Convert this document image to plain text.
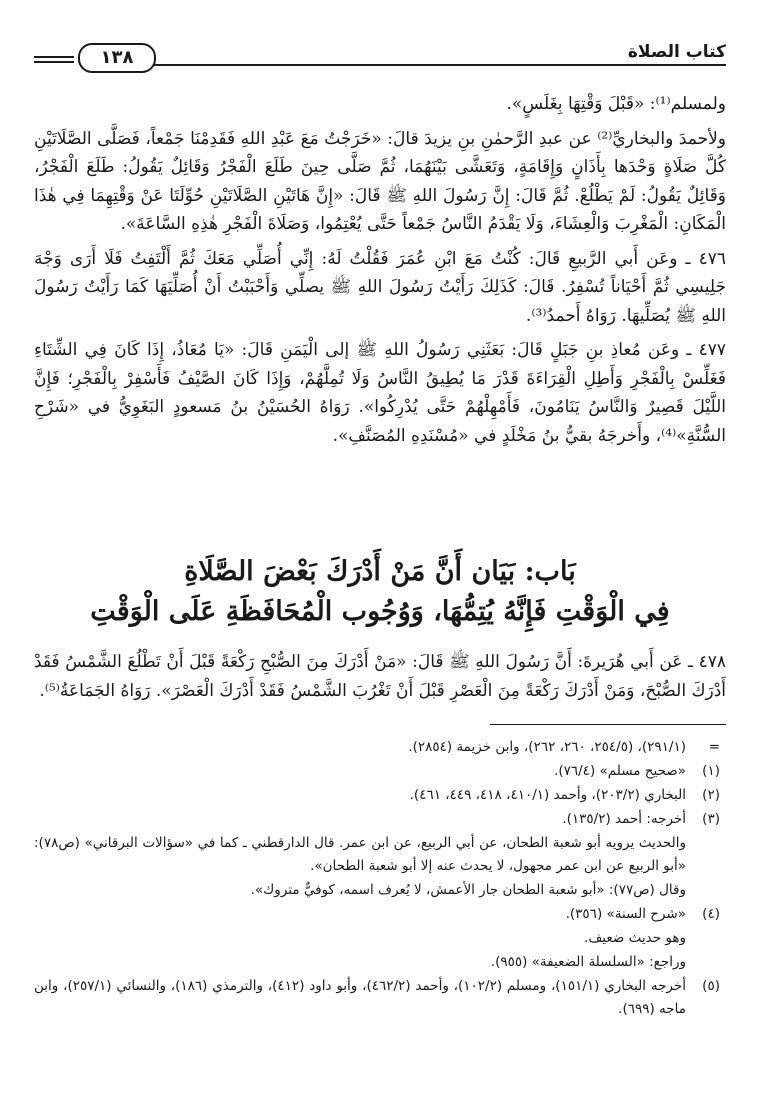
كتاب الصلاة
١٣٨

ولمسلم⁽¹⁾: «قَبْلَ وَقْتِهَا بِغَلَسٍ».

ولأحمدَ والبخاريِّ⁽²⁾ عن عبدِ الرَّحمٰنِ بنِ يزيدَ قالَ: «خَرَجْتُ مَعَ عَبْدِ اللهِ فَقَدِمْنَا جَمْعاً، فَصَلَّى الصَّلَاتَيْنِ كُلَّ صَلَاةٍ وَحْدَها بِأَذَانٍ وَإِقَامَةٍ، وَتَعَشَّى بَيْنَهُمَا، ثُمَّ صَلَّى حِينَ طَلَعَ الْفَجْرُ وَقَائِلٌ يَقُولُ: طَلَعَ الْفَجْرُ، وَقَائِلٌ يَقُولُ: لَمْ يَطْلُعْ. ثُمَّ قَالَ: إِنَّ رَسُولَ اللهِ ﷺ قَالَ: «إِنَّ هَاتَيْنِ الصَّلَاتَيْنِ حُوِّلَتَا عَنْ وَقْتِهِمَا فِي هٰذَا الْمَكَانِ: الْمَغْرِبَ وَالْعِشَاءَ، وَلَا يَقْدَمُ النَّاسُ جَمْعاً حَتَّى يُعْتِمُوا، وَصَلَاةَ الْفَجْرِ هٰذِهِ السَّاعَةَ».

٤٧٦ ـ وعَن أَبي الرَّبيعِ قَالَ: كُنْتُ مَعَ ابْنِ عُمَرَ فَقُلْتُ لَهُ: إِنِّي أُصَلِّي مَعَكَ ثُمَّ أَلْتَفِتُ فَلَا أَرَى وَجْهَ جَلِيسِي ثُمَّ أَحْيَاناً تُسْفِرُ. قَالَ: كَذَلِكَ رَأَيْتُ رَسُولَ اللهِ ﷺ يصلِّي وَأَحْبَبْتُ أَنْ أُصَلِّيَهَا كَمَا رَأَيْتُ رَسُولَ اللهِ ﷺ يُصَلِّيهَا. رَوَاهُ أَحمدُ⁽³⁾.

٤٧٧ ـ وعَن مُعاذِ بنِ جَبَلٍ قَالَ: بَعَثَنِي رَسُولُ اللهِ ﷺ إلى الْيَمَنِ قَالَ: «يَا مُعَاذُ، إِذَا كَانَ فِي الشِّتَاءِ فَغَلِّسْ بِالْفَجْرِ وَأَطِلِ الْقِرَاءَةَ قَدْرَ مَا يُطِيقُ النَّاسُ وَلَا تُمِلَّهُمْ، وَإِذَا كَانَ الصَّيْفُ فَأَسْفِرْ بِالْفَجْرِ؛ فَإِنَّ اللَّيْلَ قَصِيرٌ وَالنَّاسُ يَنَامُونَ، فَأَمْهِلْهُمْ حَتَّى يُدْرِكُوا». رَوَاهُ الحُسَيْنُ بنُ مَسعودٍ البَغَوِيُّ في «شَرْحِ السُّنَّةِ»⁽⁴⁾، وأَخرجَهُ بقيُّ بنُ مَخْلَدٍ في «مُسْنَدِهِ المُصَنَّفِ».

بَاب: بَيَان أَنَّ مَنْ أَدْرَكَ بَعْضَ الصَّلَاةِ

فِي الْوَقْتِ فَإِنَّهُ يُتِمُّهَا، وَوُجُوب الْمُحَافَظَةِ عَلَى الْوَقْتِ

٤٧٨ ـ عَن أَبي هُرَيرةَ: أَنَّ رَسُولَ اللهِ ﷺ قَالَ: «مَنْ أَدْرَكَ مِنَ الصُّبْحِ رَكْعَةً قَبْلَ أَنْ تَطْلُعَ الشَّمْسُ فَقَدْ أَدْرَكَ الصُّبْحَ، وَمَنْ أَدْرَكَ رَكْعَةً مِنَ الْعَصْرِ قَبْلَ أَنْ تَغْرُبَ الشَّمْسُ فَقَدْ أَدْرَكَ الْعَصْرَ». رَوَاهُ الجَمَاعَةُ⁽⁵⁾.

=
(٢٩١/١)، (٢٥٤/٥، ٢٦٠، ٢٦٢)، وابن خزيمة (٢٨٥٤).
(١)
«صحيح مسلم» (٧٦/٤).
(٢)
البخاري (٢٠٣/٢)، وأحمد (٤١٠/١، ٤١٨، ٤٤٩، ٤٦١).
(٣)
أخرجه: أحمد (١٣٥/٢).
والحديث يرويه أبو شعبة الطحان، عن أبي الربيع، عن ابن عمر. قال الدارقطني ـ كما في «سؤالات البرقاني» (ص٧٨): «أبو الربيع عن ابن عمر مجهول، لا يحدث عنه إلا أبو شعبة الطحان».
وقال (ص٧٧): «أبو شعبة الطحان جار الأعمش، لا يُعرف اسمه، كوفيٌّ متروك».
(٤)
«شرح السنة» (٣٥٦).
وهو حديث ضعيف.
وراجع: «السلسلة الضعيفة» (٩٥٥).
(٥)
أخرجه البخاري (١٥١/١)، ومسلم (١٠٢/٢)، وأحمد (٤٦٢/٢)، وأبو داود (٤١٢)، والترمذي (١٨٦)، والنسائي (٢٥٧/١)، وابن ماجه (٦٩٩).
